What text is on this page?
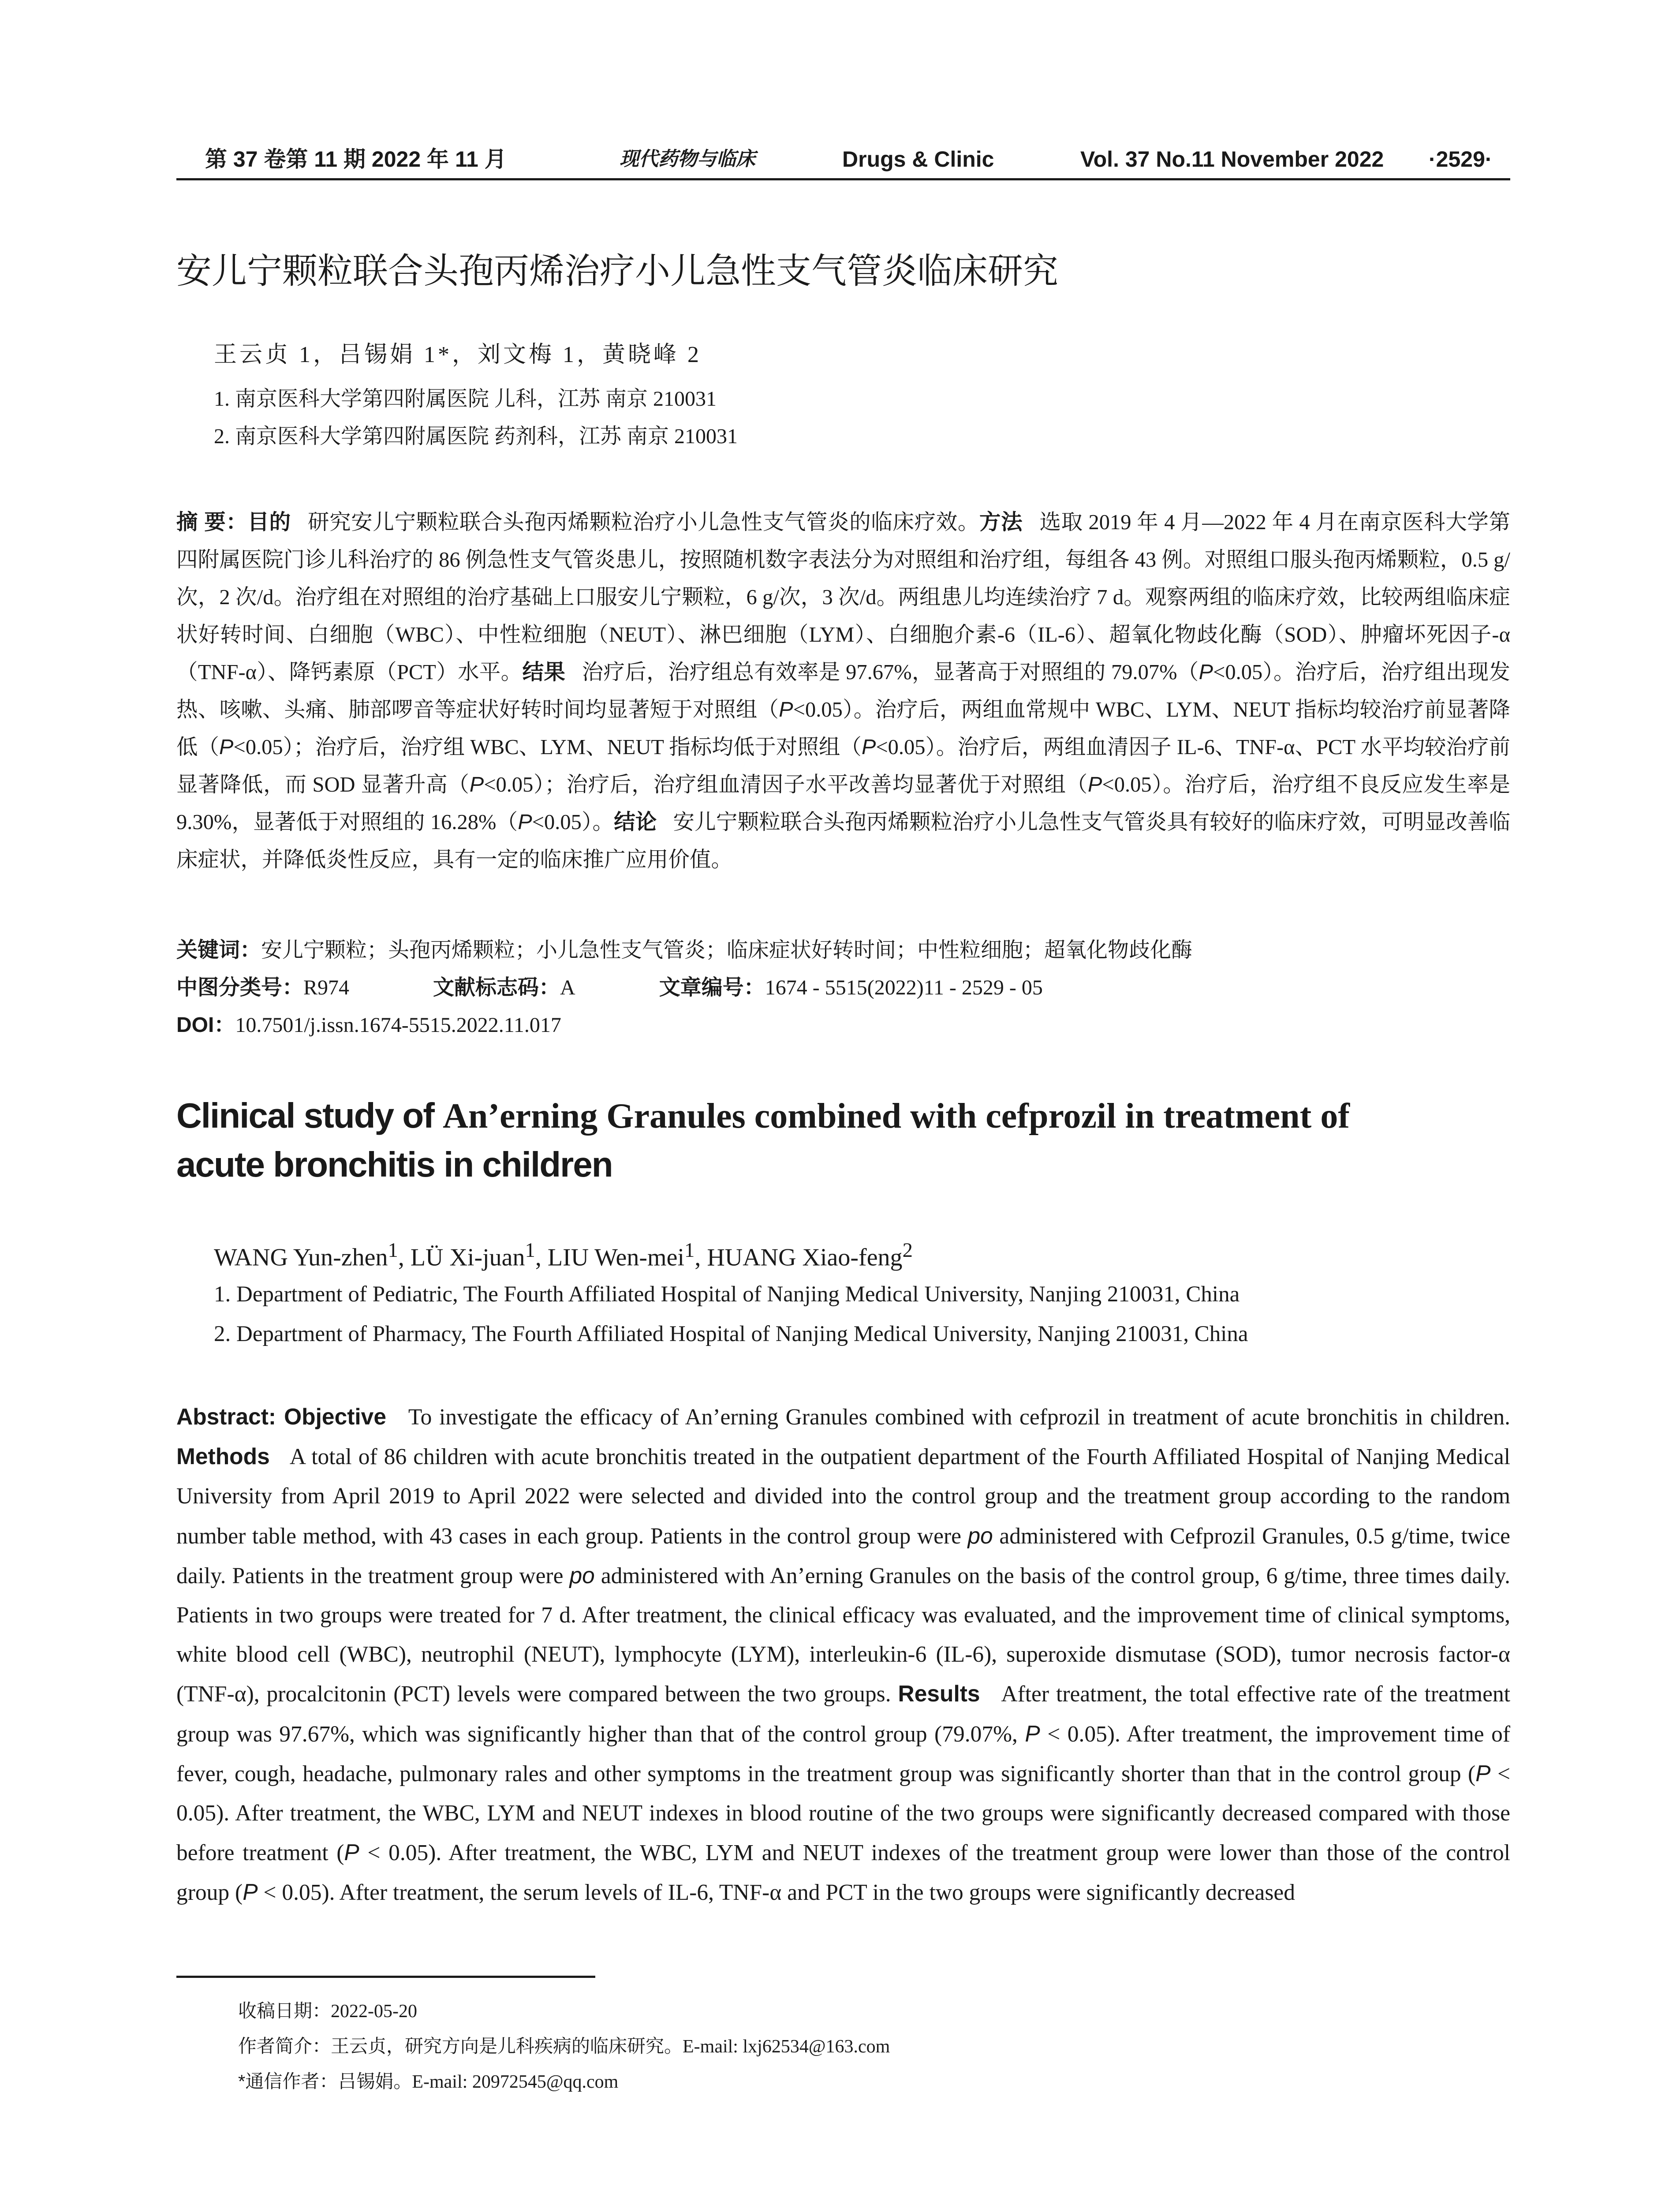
第 37 卷第 11 期 2022 年 11 月	现代药物与临床	Drugs & Clinic	Vol. 37 No.11 November 2022 ·2529·
安儿宁颗粒联合头孢丙烯治疗小儿急性支气管炎临床研究
王云贞 1，吕锡娟 1*，刘文梅 1，黄晓峰 2
1. 南京医科大学第四附属医院 儿科，江苏 南京 210031
2. 南京医科大学第四附属医院 药剂科，江苏 南京 210031
摘 要：目的 研究安儿宁颗粒联合头孢丙烯颗粒治疗小儿急性支气管炎的临床疗效。方法 选取 2019 年 4 月—2022 年 4 月在南京医科大学第四附属医院门诊儿科治疗的 86 例急性支气管炎患儿，按照随机数字表法分为对照组和治疗组，每组各 43 例。对照组口服头孢丙烯颗粒，0.5 g/次，2 次/d。治疗组在对照组的治疗基础上口服安儿宁颗粒，6 g/次，3 次/d。两组患儿均连续治疗 7 d。观察两组的临床疗效，比较两组临床症状好转时间、白细胞（WBC）、中性粒细胞（NEUT）、淋巴细胞（LYM）、白细胞介素-6（IL-6）、超氧化物歧化酶（SOD）、肿瘤坏死因子-α（TNF-α）、降钙素原（PCT）水平。结果 治疗后，治疗组总有效率是 97.67%，显著高于对照组的 79.07%（P<0.05）。治疗后，治疗组出现发热、咳嗽、头痛、肺部啰音等症状好转时间均显著短于对照组（P<0.05）。治疗后，两组血常规中 WBC、LYM、NEUT 指标均较治疗前显著降低（P<0.05）；治疗后，治疗组 WBC、LYM、NEUT 指标均低于对照组（P<0.05）。治疗后，两组血清因子 IL-6、TNF-α、PCT 水平均较治疗前显著降低，而 SOD 显著升高（P<0.05）；治疗后，治疗组血清因子水平改善均显著优于对照组（P<0.05）。治疗后，治疗组不良反应发生率是 9.30%，显著低于对照组的 16.28%（P<0.05）。结论 安儿宁颗粒联合头孢丙烯颗粒治疗小儿急性支气管炎具有较好的临床疗效，可明显改善临床症状，并降低炎性反应，具有一定的临床推广应用价值。
关键词：安儿宁颗粒；头孢丙烯颗粒；小儿急性支气管炎；临床症状好转时间；中性粒细胞；超氧化物歧化酶
中图分类号：R974	文献标志码：A	文章编号：1674 - 5515(2022)11 - 2529 - 05
DOI：10.7501/j.issn.1674-5515.2022.11.017
Clinical study of An’erning Granules combined with cefprozil in treatment of
acute bronchitis in children
WANG Yun-zhen$^1$, LÜ Xi-juan$^1$, LIU Wen-mei$^1$, HUANG Xiao-feng$^2$
1. Department of Pediatric, The Fourth Affiliated Hospital of Nanjing Medical University, Nanjing 210031, China
2. Department of Pharmacy, The Fourth Affiliated Hospital of Nanjing Medical University, Nanjing 210031, China
Abstract: Objective To investigate the efficacy of An’erning Granules combined with cefprozil in treatment of acute bronchitis in children. Methods A total of 86 children with acute bronchitis treated in the outpatient department of the Fourth Affiliated Hospital of Nanjing Medical University from April 2019 to April 2022 were selected and divided into the control group and the treatment group according to the random number table method, with 43 cases in each group. Patients in the control group were po administered with Cefprozil Granules, 0.5 g/time, twice daily. Patients in the treatment group were po administered with An’erning Granules on the basis of the control group, 6 g/time, three times daily. Patients in two groups were treated for 7 d. After treatment, the clinical efficacy was evaluated, and the improvement time of clinical symptoms, white blood cell (WBC), neutrophil (NEUT), lymphocyte (LYM), interleukin-6 (IL-6), superoxide dismutase (SOD), tumor necrosis factor-α (TNF-α), procalcitonin (PCT) levels were compared between the two groups. Results After treatment, the total effective rate of the treatment group was 97.67%, which was significantly higher than that of the control group (79.07%, P < 0.05). After treatment, the improvement time of fever, cough, headache, pulmonary rales and other symptoms in the treatment group was significantly shorter than that in the control group (P < 0.05). After treatment, the WBC, LYM and NEUT indexes in blood routine of the two groups were significantly decreased compared with those before treatment (P < 0.05). After treatment, the WBC, LYM and NEUT indexes of the treatment group were lower than those of the control group (P < 0.05). After treatment, the serum levels of IL-6, TNF-α and PCT in the two groups were significantly decreased
收稿日期：2022-05-20
作者简介：王云贞，研究方向是儿科疾病的临床研究。E-mail: lxj62534@163.com
*通信作者：吕锡娟。E-mail: 20972545@qq.com
